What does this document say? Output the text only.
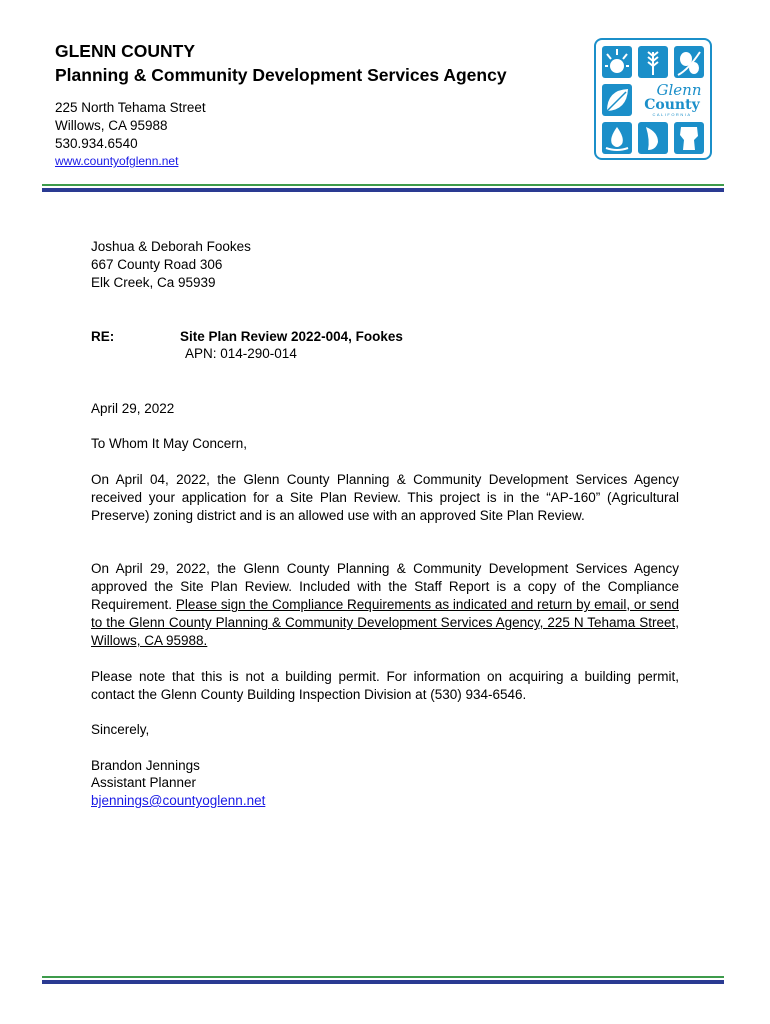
GLENN COUNTY
Planning & Community Development Services Agency
225 North Tehama Street
Willows, CA 95988
530.934.6540
www.countyofglenn.net
Glenn
County
CALIFORNIA
Joshua & Deborah Fookes
667 County Road 306
Elk Creek, Ca 95939
RE:	Site Plan Review 2022-004, Fookes
APN: 014-290-014
April 29, 2022
To Whom It May Concern,
On April 04, 2022, the Glenn County Planning & Community Development Services Agency received your application for a Site Plan Review. This project is in the “AP-160” (Agricultural Preserve) zoning district and is an allowed use with an approved Site Plan Review.
On April 29, 2022, the Glenn County Planning & Community Development Services Agency approved the Site Plan Review. Included with the Staff Report is a copy of the Compliance Requirement. Please sign the Compliance Requirements as indicated and return by email, or send to the Glenn County Planning & Community Development Services Agency, 225 N Tehama Street, Willows, CA 95988.
Please note that this is not a building permit. For information on acquiring a building permit, contact the Glenn County Building Inspection Division at (530) 934-6546.
Sincerely,
Brandon Jennings
Assistant Planner
bjennings@countyoglenn.net
